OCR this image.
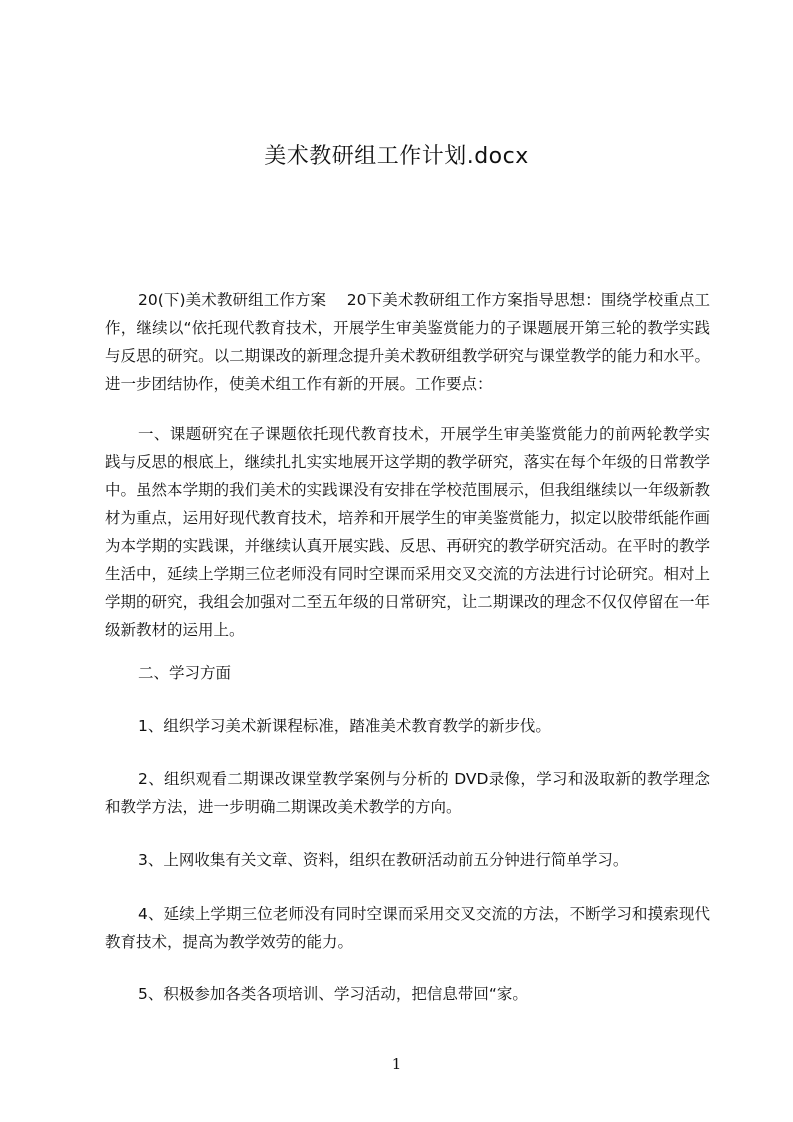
美术教研组工作计划.docx

20(下)美术教研组工作方案　 20下美术教研组工作方案指导思想：围绕学校重点工作，继续以“依托现代教育技术，开展学生审美鉴赏能力的子课题展开第三轮的教学实践与反思的研究。以二期课改的新理念提升美术教研组教学研究与课堂教学的能力和水平。进一步团结协作，使美术组工作有新的开展。工作要点：

一、课题研究在子课题依托现代教育技术，开展学生审美鉴赏能力的前两轮教学实践与反思的根底上，继续扎扎实实地展开这学期的教学研究，落实在每个年级的日常教学中。虽然本学期的我们美术的实践课没有安排在学校范围展示，但我组继续以一年级新教材为重点，运用好现代教育技术，培养和开展学生的审美鉴赏能力，拟定以胶带纸能作画为本学期的实践课，并继续认真开展实践、反思、再研究的教学研究活动。在平时的教学生活中，延续上学期三位老师没有同时空课而采用交叉交流的方法进行讨论研究。相对上学期的研究，我组会加强对二至五年级的日常研究，让二期课改的理念不仅仅停留在一年级新教材的运用上。

二、学习方面

1、组织学习美术新课程标准，踏准美术教育教学的新步伐。

2、组织观看二期课改课堂教学案例与分析的 DVD录像，学习和汲取新的教学理念和教学方法，进一步明确二期课改美术教学的方向。

3、上网收集有关文章、资料，组织在教研活动前五分钟进行简单学习。

4、延续上学期三位老师没有同时空课而采用交叉交流的方法，不断学习和摸索现代教育技术，提高为教学效劳的能力。

5、积极参加各类各项培训、学习活动，把信息带回“家。

1
